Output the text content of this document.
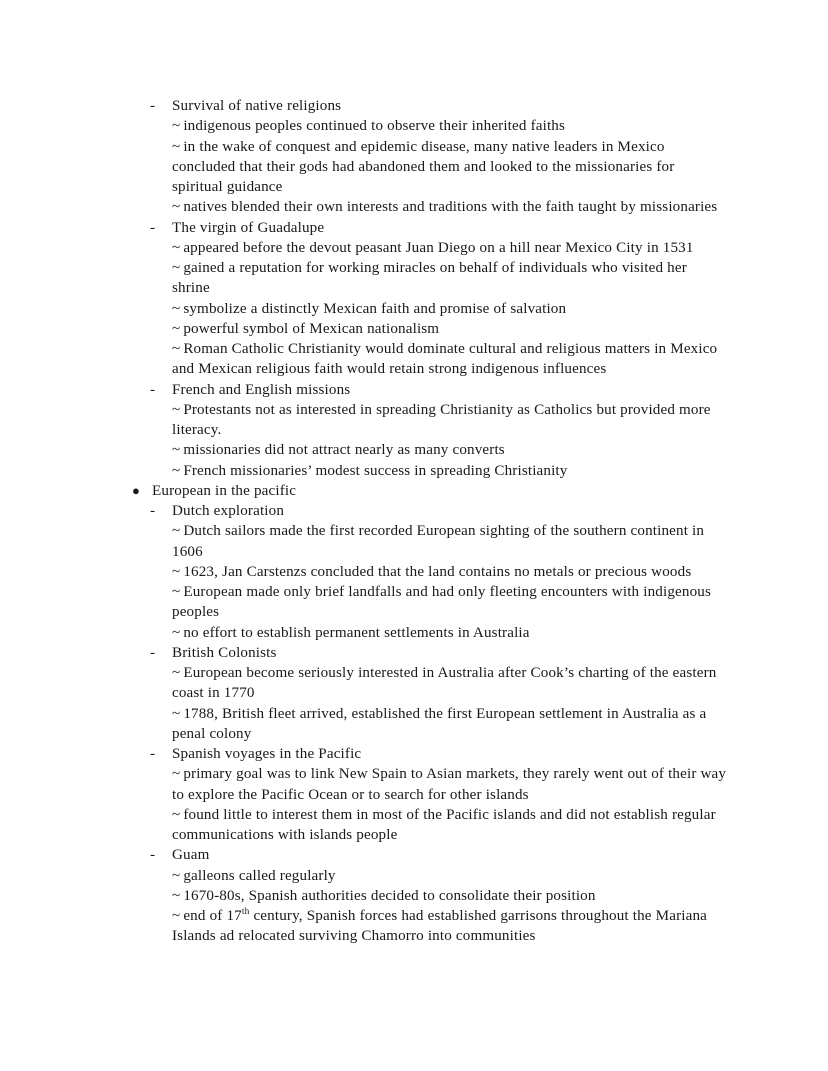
-	Survival of native religions
~ indigenous peoples continued to observe their inherited faiths
~ in the wake of conquest and epidemic disease, many native leaders in Mexico concluded that their gods had abandoned them and looked to the missionaries for spiritual guidance
~ natives blended their own interests and traditions with the faith taught by missionaries
-	The virgin of Guadalupe
~ appeared before the devout peasant Juan Diego on a hill near Mexico City in 1531
~ gained a reputation for working miracles on behalf of individuals who visited her shrine
~ symbolize a distinctly Mexican faith and promise of salvation
~ powerful symbol of Mexican nationalism
~ Roman Catholic Christianity would dominate cultural and religious matters in Mexico and Mexican religious faith would retain strong indigenous influences
-	French and English missions
~ Protestants not as interested in spreading Christianity as Catholics but provided more literacy.
~ missionaries did not attract nearly as many converts
~ French missionaries’ modest success in spreading Christianity
● European in the pacific
-	Dutch exploration
~ Dutch sailors made the first recorded European sighting of the southern continent in 1606
~ 1623, Jan Carstenzs concluded that the land contains no metals or precious woods
~ European made only brief landfalls and had only fleeting encounters with indigenous peoples
~ no effort to establish permanent settlements in Australia
-	British Colonists
~ European become seriously interested in Australia after Cook’s charting of the eastern coast in 1770
~ 1788, British fleet arrived, established the first European settlement in Australia as a penal colony
-	Spanish voyages in the Pacific
~ primary goal was to link New Spain to Asian markets, they rarely went out of their way to explore the Pacific Ocean or to search for other islands
~ found little to interest them in most of the Pacific islands and did not establish regular communications with islands people
-	Guam
~ galleons called regularly
~ 1670-80s, Spanish authorities decided to consolidate their position
~ end of 17th century, Spanish forces had established garrisons throughout the Mariana Islands ad relocated surviving Chamorro into communities
